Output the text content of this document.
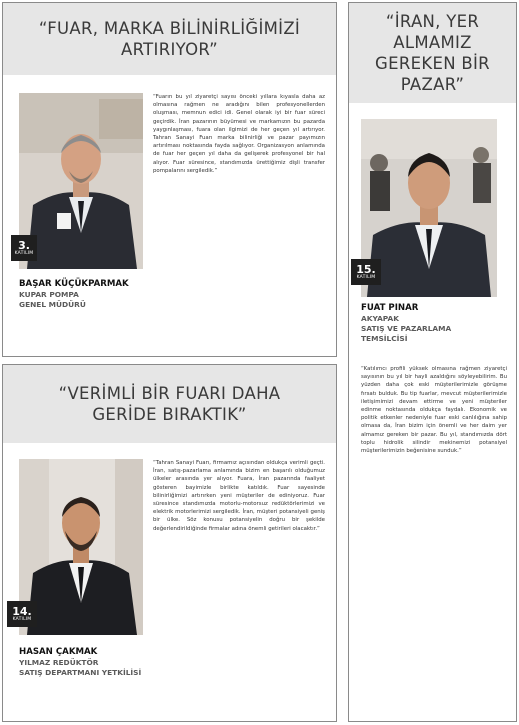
“FUAR, MARKA BİLİNİRLİĞİMİZİ ARTIRIYOR”
3.
KATILIM

“Fuarın bu yıl ziyaretçi sayısı önceki yıllara kıyasla daha az olmasına rağmen ne aradığını bilen profesyonellerden oluşması, memnun edici idi. Genel olarak iyi bir fuar süreci geçirdik. İran pazarının büyümesi ve markamızın bu pazarda yaygınlaşması, fuara olan ilgimizi de her geçen yıl artırıyor. Tahran Sanayi Fuarı marka bilinirliği ve pazar payımızın artırılması noktasında fayda sağlıyor. Organizasyon anlamında de fuar her geçen yıl daha da gelişerek profesyonel bir hal alıyor. Fuar süresince, standımızda ürettiğimiz dişli transfer pompalarını sergiledik.”

BAŞAR KÜÇÜKPARMAK
KUPAR POMPA
GENEL MÜDÜRÜ
“VERİMLİ BİR FUARI DAHA GERİDE BIRAKTIK”
14.
KATILIM

“Tahran Sanayi Fuarı, firmamız açısından oldukça verimli geçti. İran, satış-pazarlama anlamında bizim en başarılı olduğumuz ülkeler arasında yer alıyor. Fuara, İran pazarında faaliyet gösteren bayimizle birlikte katıldık. Fuar sayesinde bilinirliğimizi artırırken yeni müşteriler de ediniyoruz. Fuar süresince standımızda motorlu-motorsuz redüktörlerimizi ve elektrik motorlerimizi sergiledik. İran, müşteri potansiyeli geniş bir ülke. Söz konusu potansiyelin doğru bir şekilde değerlendirildiğinde firmalar adına önemli getirileri olacaktır.”

HASAN ÇAKMAK
YILMAZ REDÜKTÖR
SATIŞ DEPARTMANI YETKİLİSİ
“İRAN, YER ALMAMIZ GEREKEN BİR PAZAR”
15.
KATILIM
FUAT PINAR
AKYAPAK
SATIŞ VE PAZARLAMA
TEMSİLCİSİ

“Katılımcı profili yüksek olmasına rağmen ziyaretçi sayısının bu yıl bir hayli azaldığını söyleyebilirim. Bu yüzden daha çok eski müşterilerimizle görüşme fırsatı bulduk. Bu tip fuarlar, mevcut müşterilerimizle iletişimimizi devam ettirme ve yeni müşteriler edinme noktasında oldukça faydalı. Ekonomik ve politik etkenler nedeniyle fuar eski canlılığına sahip olmasa da, İran bizim için önemli ve her daim yer almamız gereken bir pazar. Bu yıl, standımızda dört toplu hidrolik silindir mekinemizi potansiyel müşterilerimizin beğenisine sunduk.”
